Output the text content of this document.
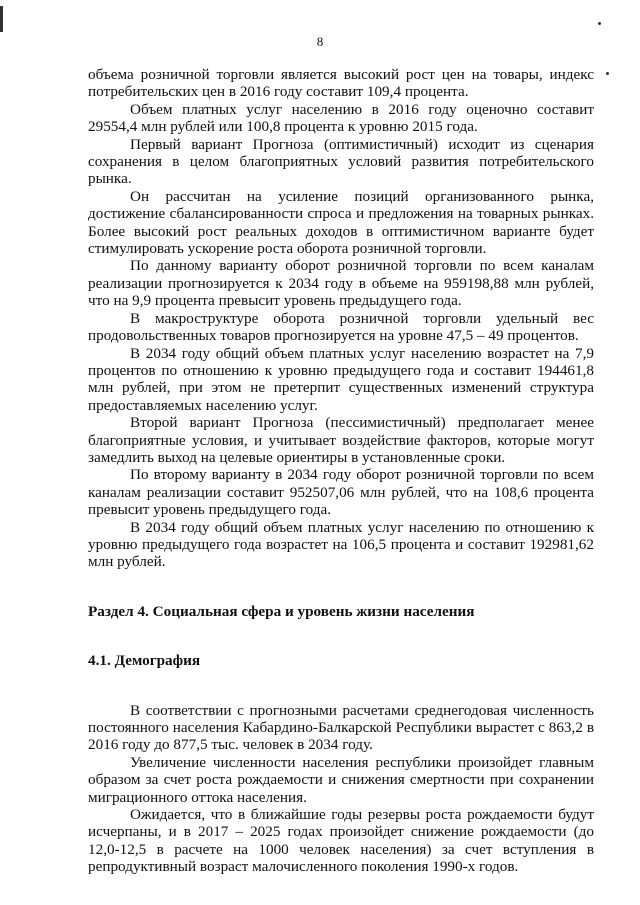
8

объема розничной торговли является высокий рост цен на товары, индекс потребительских цен в 2016 году составит 109,4 процента.

Объем платных услуг населению в 2016 году оценочно составит 29554,4 млн рублей или 100,8 процента к уровню 2015 года.

Первый вариант Прогноза (оптимистичный) исходит из сценария сохранения в целом благоприятных условий развития потребительского рынка.

Он рассчитан на усиление позиций организованного рынка, достижение сбалансированности спроса и предложения на товарных рынках. Более высокий рост реальных доходов в оптимистичном варианте будет стимулировать ускорение роста оборота розничной торговли.

По данному варианту оборот розничной торговли по всем каналам реализации прогнозируется к 2034 году в объеме на 959198,88 млн рублей, что на 9,9 процента превысит уровень предыдущего года.

В макроструктуре оборота розничной торговли удельный вес продовольственных товаров прогнозируется на уровне 47,5 – 49 процентов.

В 2034 году общий объем платных услуг населению возрастет на 7,9 процентов по отношению к уровню предыдущего года и составит 194461,8 млн рублей, при этом не претерпит существенных изменений структура предоставляемых населению услуг.

Второй вариант Прогноза (пессимистичный) предполагает менее благоприятные условия, и учитывает воздействие факторов, которые могут замедлить выход на целевые ориентиры в установленные сроки.

По второму варианту в 2034 году оборот розничной торговли по всем каналам реализации составит 952507,06 млн рублей, что на 108,6 процента превысит уровень предыдущего года.

В 2034 году общий объем платных услуг населению по отношению к уровню предыдущего года возрастет на 106,5 процента и составит 192981,62 млн рублей.

Раздел 4. Социальная сфера и уровень жизни населения

4.1. Демография

В соответствии с прогнозными расчетами среднегодовая численность постоянного населения Кабардино-Балкарской Республики вырастет с 863,2 в 2016 году до 877,5 тыс. человек в 2034 году.

Увеличение численности населения республики произойдет главным образом за счет роста рождаемости и снижения смертности при сохранении миграционного оттока населения.

Ожидается, что в ближайшие годы резервы роста рождаемости будут исчерпаны, и в 2017 – 2025 годах произойдет снижение рождаемости (до 12,0-12,5 в расчете на 1000 человек населения) за счет вступления в репродуктивный возраст малочисленного поколения 1990-х годов.
